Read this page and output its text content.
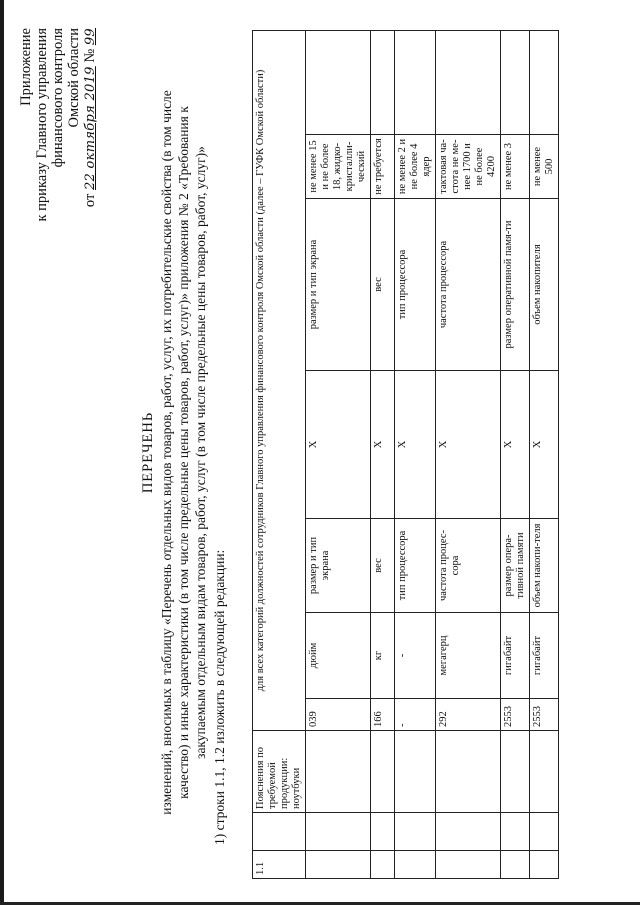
Приложение к приказу Главного управления финансового контроля Омской области
от 22 октября 2019 № 99
ПЕРЕЧЕНЬ изменений, вносимых в таблицу «Перечень отдельных видов товаров, работ, услуг, их потребительские свойства (в том числе качество) и иные характеристики (в том числе предельные цены товаров, работ, услуг)» приложения № 2 «Требования к закупаемым отдельным видам товаров, работ, услуг (в том числе предельные цены товаров, работ, услуг)» 1) строки 1.1, 1.2 изложить в следующей редакции:
1.1		Пояснения по требуемой продукции: ноутбуки	для всех категорий должностей сотрудников Главного управления финансового контроля Омской области (далее – ГУФК Омской области)						
			039	дюйм	размер и тип экрана	X	размер и тип экрана	не менее 15 и не более 18, жидко-кристалли-ческий	
			166	кг	вес	X	вес	не требуется	
			-	-	тип процессора	X	тип процессора	не менее 2 и не более 4 ядер	
			292	мегагерц	частота процес-сора	X	частота процессора	тактовая ча-стота не ме-нее 1700 и не более 4200	
			2553	гигабайт	размер опера-тивной памяти	X	размер оперативной памя-ти	не менее 3	
			2553	гигабайт	объем накопи-теля	X	объем накопителя	не менее 500	
